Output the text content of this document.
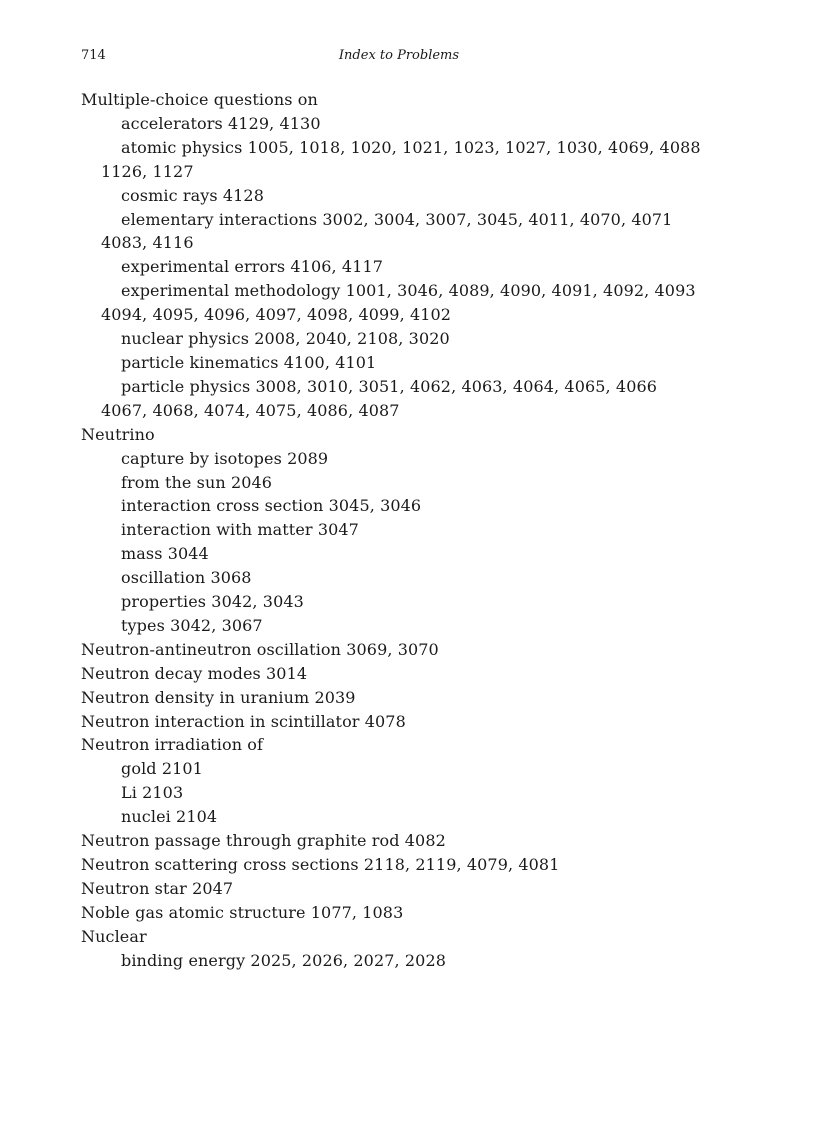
714	Index to Problems
Multiple-choice questions on
accelerators 4129, 4130
atomic physics 1005, 1018, 1020, 1021, 1023, 1027, 1030, 4069, 4088
1126, 1127
cosmic rays 4128
elementary interactions 3002, 3004, 3007, 3045, 4011, 4070, 4071
4083, 4116
experimental errors 4106, 4117
experimental methodology 1001, 3046, 4089, 4090, 4091, 4092, 4093
4094, 4095, 4096, 4097, 4098, 4099, 4102
nuclear physics 2008, 2040, 2108, 3020
particle kinematics 4100, 4101
particle physics 3008, 3010, 3051, 4062, 4063, 4064, 4065, 4066
4067, 4068, 4074, 4075, 4086, 4087
Neutrino
capture by isotopes 2089
from the sun 2046
interaction cross section 3045, 3046
interaction with matter 3047
mass 3044
oscillation 3068
properties 3042, 3043
types 3042, 3067
Neutron-antineutron oscillation 3069, 3070
Neutron decay modes 3014
Neutron density in uranium 2039
Neutron interaction in scintillator 4078
Neutron irradiation of
gold 2101
Li 2103
nuclei 2104
Neutron passage through graphite rod 4082
Neutron scattering cross sections 2118, 2119, 4079, 4081
Neutron star 2047
Noble gas atomic structure 1077, 1083
Nuclear
binding energy 2025, 2026, 2027, 2028
